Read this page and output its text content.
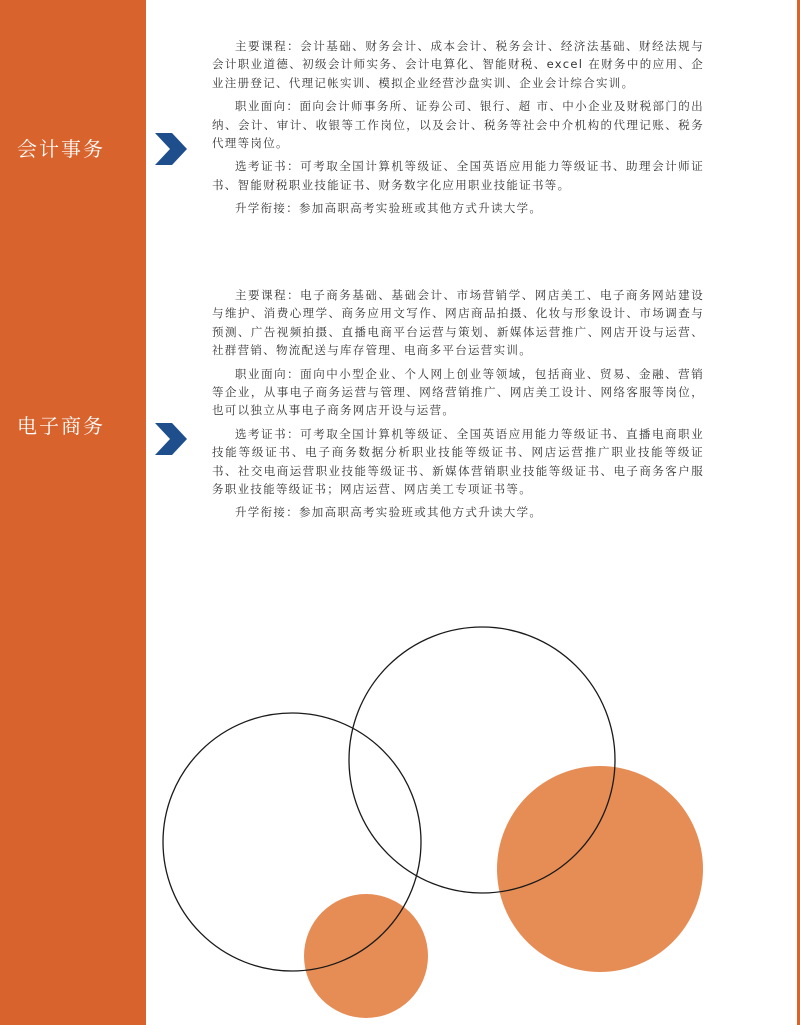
会计事务

主要课程：会计基础、财务会计、成本会计、税务会计、经济法基础、财经法规与会计职业道德、初级会计师实务、会计电算化、智能财税、excel 在财务中的应用、企业注册登记、代理记帐实训、模拟企业经营沙盘实训、企业会计综合实训。

职业面向：面向会计师事务所、证券公司、银行、超 市、中小企业及财税部门的出纳、会计、审计、收银等工作岗位，以及会计、税务等社会中介机构的代理记账、税务代理等岗位。

选考证书：可考取全国计算机等级证、全国英语应用能力等级证书、助理会计师证书、智能财税职业技能证书、财务数字化应用职业技能证书等。

升学衔接：参加高职高考实验班或其他方式升读大学。

电子商务

主要课程：电子商务基础、基础会计、市场营销学、网店美工、电子商务网站建设与维护、消费心理学、商务应用文写作、网店商品拍摄、化妆与形象设计、市场调查与预测、广告视频拍摄、直播电商平台运营与策划、新媒体运营推广、网店开设与运营、社群营销、物流配送与库存管理、电商多平台运营实训。

职业面向：面向中小型企业、个人网上创业等领域，包括商业、贸易、金融、营销等企业，从事电子商务运营与管理、网络营销推广、网店美工设计、网络客服等岗位，也可以独立从事电子商务网店开设与运营。

选考证书：可考取全国计算机等级证、全国英语应用能力等级证书、直播电商职业技能等级证书、电子商务数据分析职业技能等级证书、网店运营推广职业技能等级证书、社交电商运营职业技能等级证书、新媒体营销职业技能等级证书、电子商务客户服务职业技能等级证书；网店运营、网店美工专项证书等。

升学衔接：参加高职高考实验班或其他方式升读大学。
